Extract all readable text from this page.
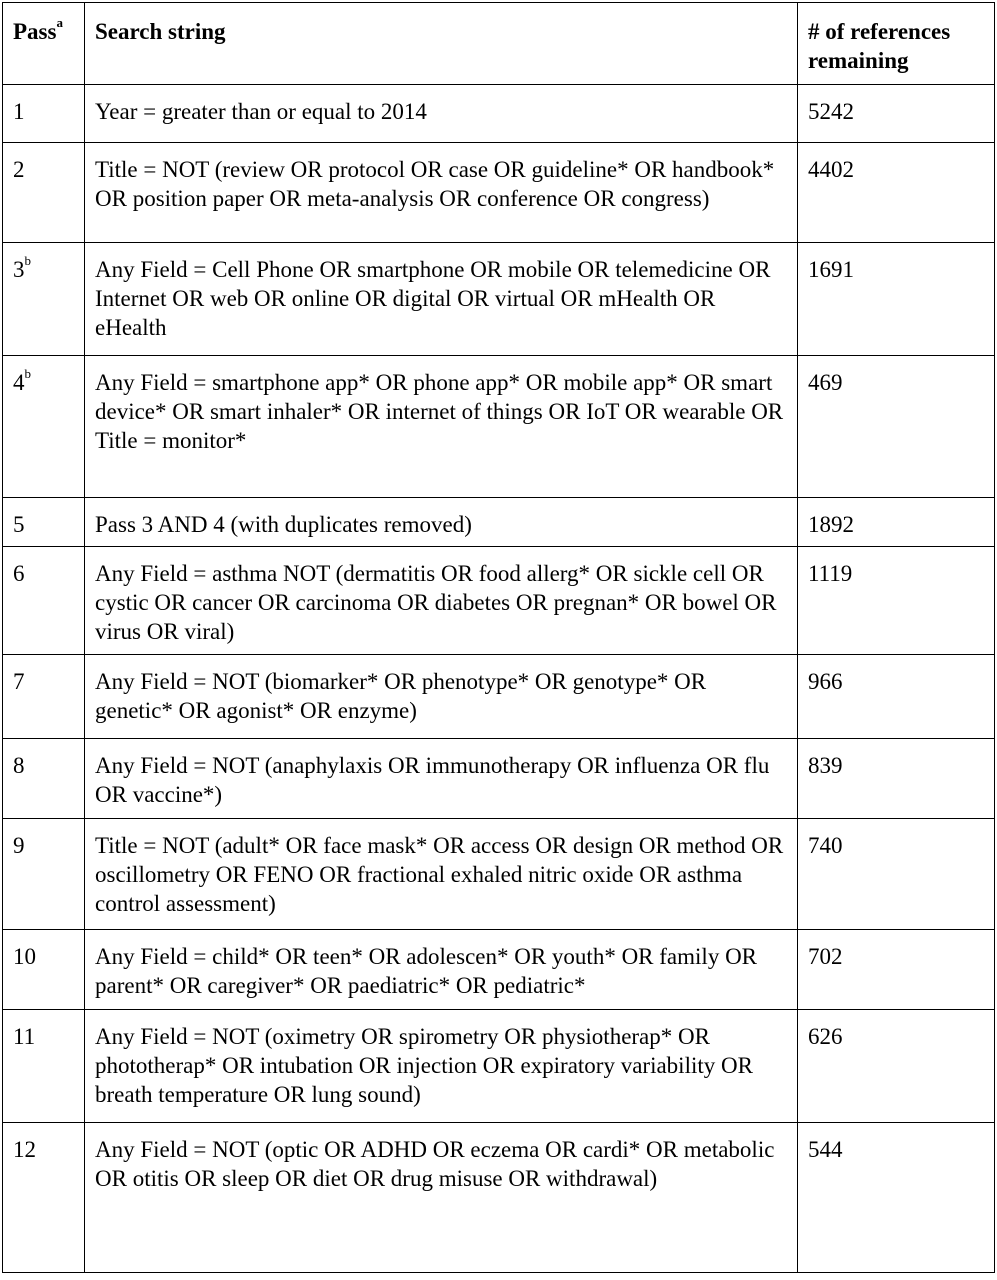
Pass$^a$	Search string	# of references remaining
1	Year = greater than or equal to 2014	5242
2	Title = NOT (review OR protocol OR case OR guideline* OR handbook* OR position paper OR meta-analysis OR conference OR congress)	4402
3$^b$	Any Field = Cell Phone OR smartphone OR mobile OR telemedicine OR Internet OR web OR online OR digital OR virtual OR mHealth OR eHealth	1691
4$^b$	Any Field = smartphone app* OR phone app* OR mobile app* OR smart device* OR smart inhaler* OR internet of things OR IoT OR wearable OR Title = monitor*	469
5	Pass 3 AND 4 (with duplicates removed)	1892
6	Any Field = asthma NOT (dermatitis OR food allerg* OR sickle cell OR cystic OR cancer OR carcinoma OR diabetes OR pregnan* OR bowel OR virus OR viral)	1119
7	Any Field = NOT (biomarker* OR phenotype* OR genotype* OR genetic* OR agonist* OR enzyme)	966
8	Any Field = NOT (anaphylaxis OR immunotherapy OR influenza OR flu OR vaccine*)	839
9	Title = NOT (adult* OR face mask* OR access OR design OR method OR oscillometry OR FENO OR fractional exhaled nitric oxide OR asthma control assessment)	740
10	Any Field = child* OR teen* OR adolescen* OR youth* OR family OR parent* OR caregiver* OR paediatric* OR pediatric*	702
11	Any Field = NOT (oximetry OR spirometry OR physiotherap* OR phototherap* OR intubation OR injection OR expiratory variability OR breath temperature OR lung sound)	626
12	Any Field = NOT (optic OR ADHD OR eczema OR cardi* OR metabolic OR otitis OR sleep OR diet OR drug misuse OR withdrawal)	544
